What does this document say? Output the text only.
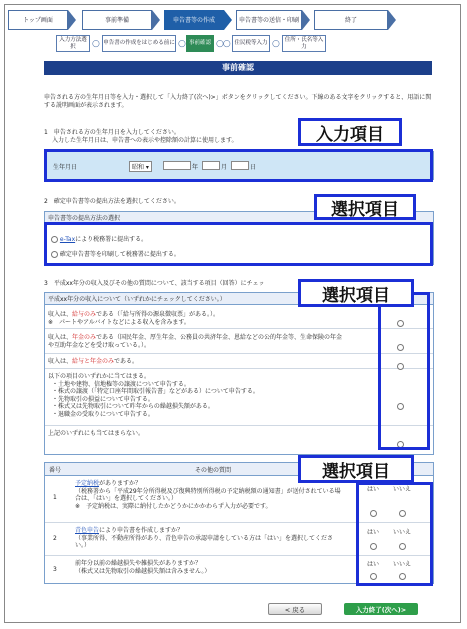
トップ画面	事前準備	申告書等の作成	申告書等の送信・印刷	終了
入力方法選択	○ 申告書の作成をはじめる前に ○ 事前確認 ○○ 住民税等入力 ○	住所・氏名等入力
事前確認
申告される方の生年月日等を入力・選択して「入力終了(次へ)>」ボタンをクリックしてください。下線のある文字をクリックすると、用語に関する説明画面が表示されます。
1　申告される方の生年月日を入力してください。
入力した生年月日は、申告書への表示や控除額の計算に使用します。
生年月日	昭和 ▾	年	月	日
入力項目
2　確定申告書等の提出方法を選択してください。
申告書等の提出方法の選択
e-Taxにより税務署に提出する。
確定申告書等を印刷して税務署に提出する。
選択項目
3　平成xx年分の収入及びその他の質問について、該当する項目（回答）にチェッ
平成xx年分の収入について（いずれかにチェックしてください。）
収入は、給与のみである（「給与所得の源泉徴収票」がある。）。
※　パートやアルバイトなどによる収入を含みます。
収入は、年金のみである（国民年金、厚生年金、公務員の共済年金、恩給などの公的年金等、生命保険の年金や互助年金などを受け取っている。）。
収入は、給与と年金のみである。
以下の項目のいずれかに当てはまる。
・土地や建物、信地権等の譲渡について申告する。
・株式の譲渡（「特定口座年間取引報告書」などがある）について申告する。
・先物取引の損益について申告する。
・株式又は先物取引について昨年からの繰越損失額がある。
・退職金の受取りについて申告する。
上記のいずれにも当てはまらない。
選択項目
番号	その他の質問
1
予定納税がありますか？
（税務署から「平成29年分所得税及び復興特別所得税の予定納税額の通知書」が送付されている場合は、「はい」を選択してください。）
※　予定納税は、実際に納付したかどうかにかかわらず入力が必要です。
はい いいえ
2
青色申告により申告書を作成しますか？
（事業所得、不動産所得があり、青色申告の承認申請をしている方は「はい」を選択してください。）
はい いいえ
3
前年分以前の繰越損失や雑損失がありますか？
（株式又は先物取引の繰越損失額は含みません。）
はい いいえ
選択項目
< 戻る	入力終了(次へ)>
